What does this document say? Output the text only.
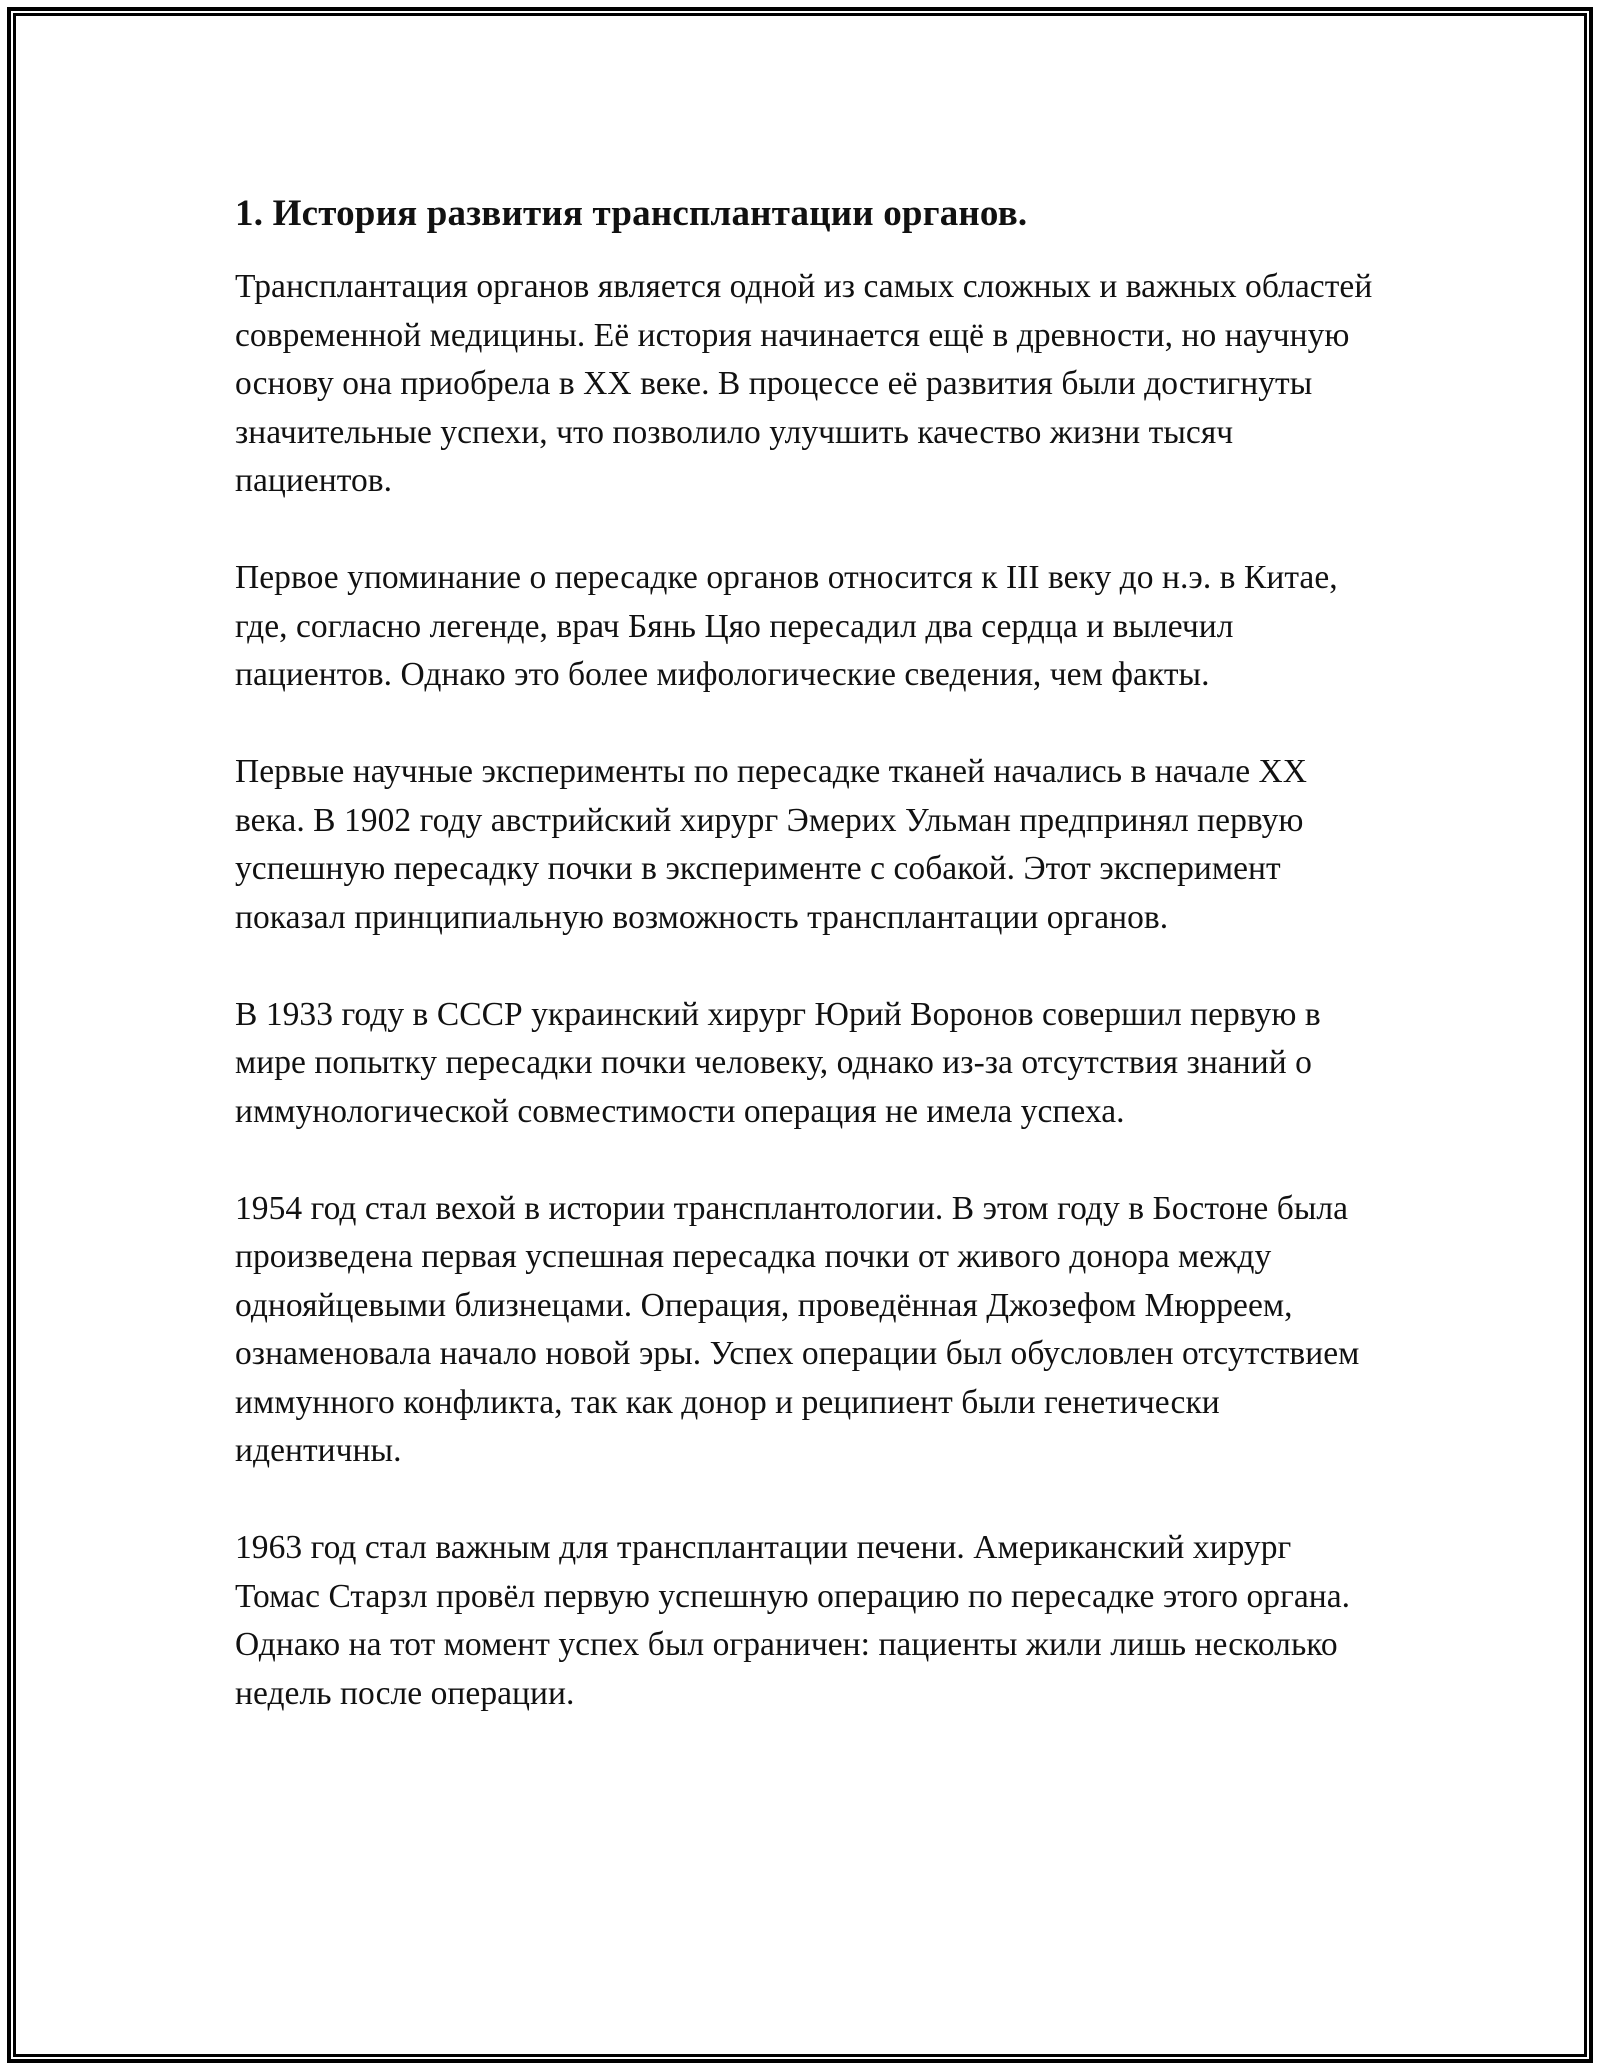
1. История развития трансплантации органов.

Трансплантация органов является одной из самых сложных и важных областей современной медицины. Её история начинается ещё в древности, но научную основу она приобрела в XX веке. В процессе её развития были достигнуты значительные успехи, что позволило улучшить качество жизни тысяч пациентов.

Первое упоминание о пересадке органов относится к III веку до н.э. в Китае, где, согласно легенде, врач Бянь Цяо пересадил два сердца и вылечил пациентов. Однако это более мифологические сведения, чем факты.

Первые научные эксперименты по пересадке тканей начались в начале XX века. В 1902 году австрийский хирург Эмерих Ульман предпринял первую успешную пересадку почки в эксперименте с собакой. Этот эксперимент показал принципиальную возможность трансплантации органов.

В 1933 году в СССР украинский хирург Юрий Воронов совершил первую в мире попытку пересадки почки человеку, однако из-за отсутствия знаний о иммунологической совместимости операция не имела успеха.

1954 год стал вехой в истории трансплантологии. В этом году в Бостоне была произведена первая успешная пересадка почки от живого донора между однояйцевыми близнецами. Операция, проведённая Джозефом Мюрреем, ознаменовала начало новой эры. Успех операции был обусловлен отсутствием иммунного конфликта, так как донор и реципиент были генетически идентичны.

1963 год стал важным для трансплантации печени. Американский хирург Томас Старзл провёл первую успешную операцию по пересадке этого органа. Однако на тот момент успех был ограничен: пациенты жили лишь несколько недель после операции.
